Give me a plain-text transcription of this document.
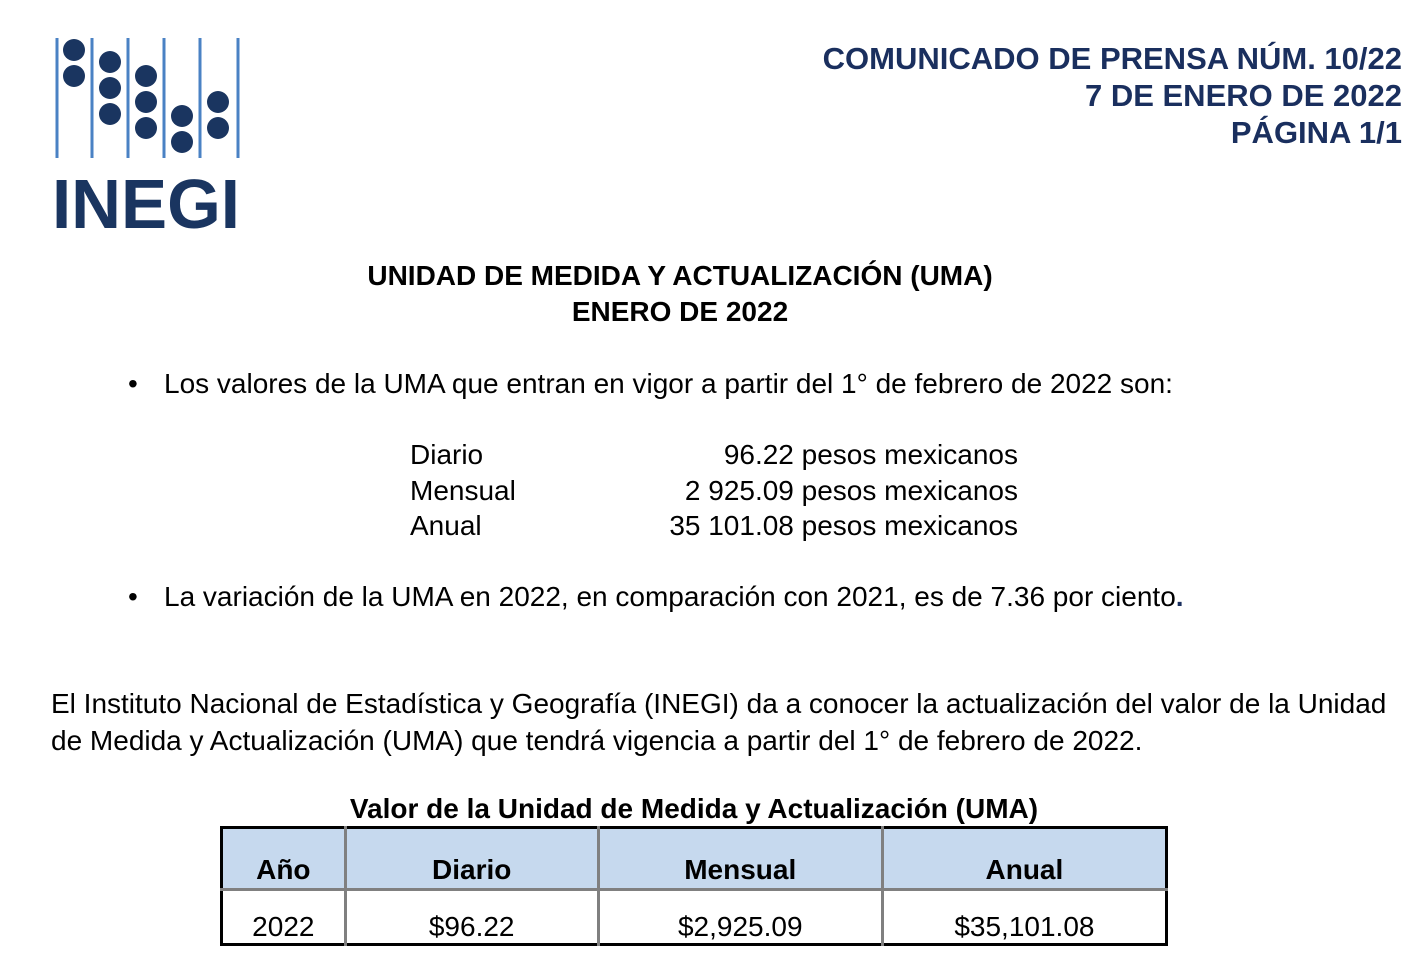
INEGI
COMUNICADO DE PRENSA NÚM. 10/22
7 DE ENERO DE 2022
PÁGINA 1/1
UNIDAD DE MEDIDA Y ACTUALIZACIÓN (UMA)
ENERO DE 2022
• Los valores de la UMA que entran en vigor a partir del 1° de febrero de 2022 son:
Diario	96.22 pesos mexicanos
Mensual	2 925.09 pesos mexicanos
Anual	35 101.08 pesos mexicanos
• La variación de la UMA en 2022, en comparación con 2021, es de 7.36 por ciento.
El Instituto Nacional de Estadística y Geografía (INEGI) da a conocer la actualización del valor de la Unidad de Medida y Actualización (UMA) que tendrá vigencia a partir del 1° de febrero de 2022.
Valor de la Unidad de Medida y Actualización (UMA)
Año	Diario	Mensual	Anual
2022	$96.22	$2,925.09	$35,101.08
